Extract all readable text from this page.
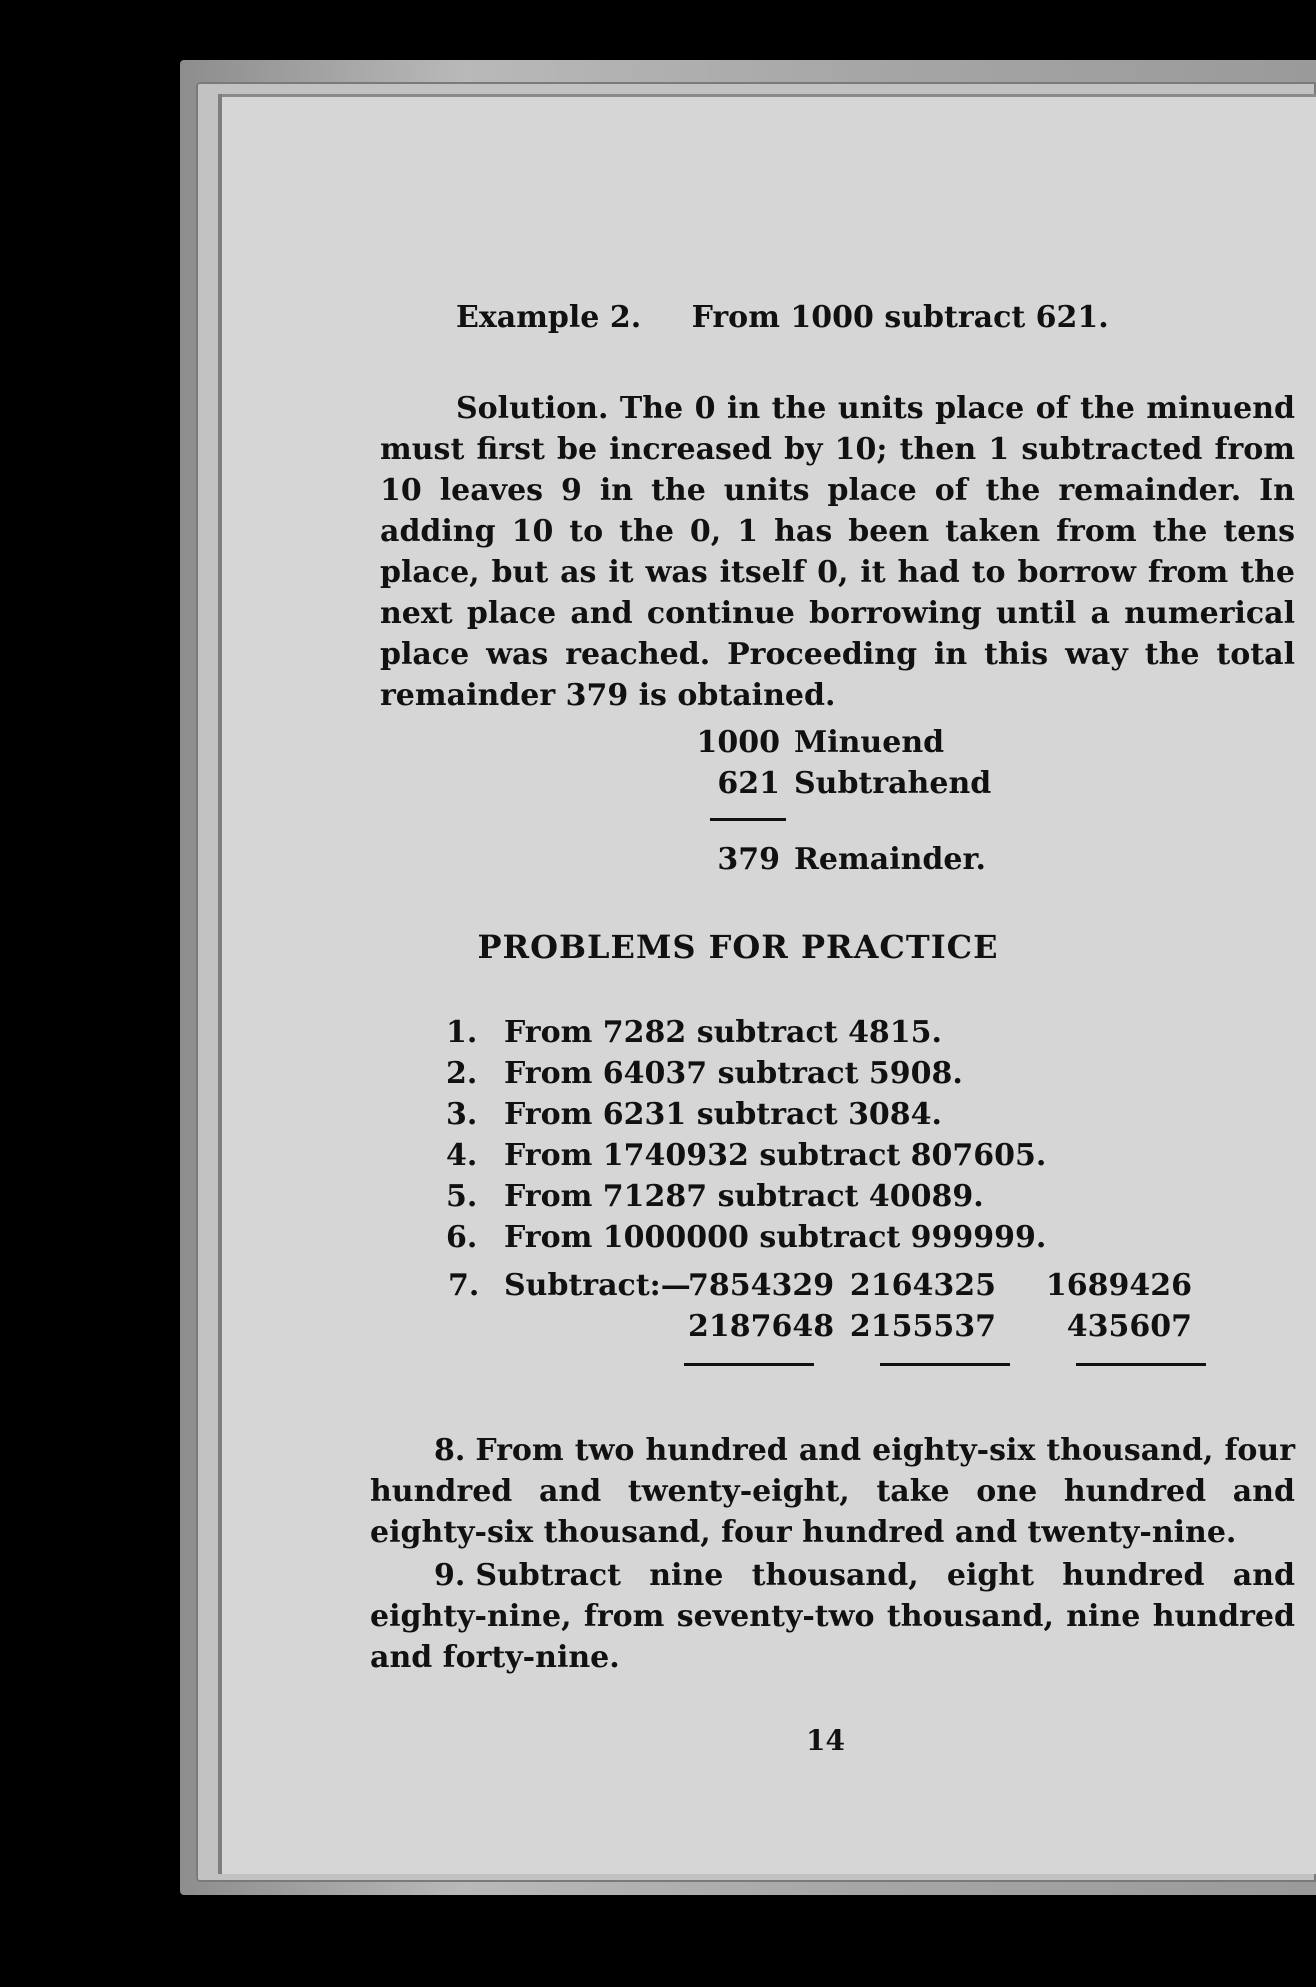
Example 2. From 1000 subtract 621.
Solution. The 0 in the units place of the minuend must first be increased by 10; then 1 subtracted from 10 leaves 9 in the units place of the remainder. In adding 10 to the 0, 1 has been taken from the tens place, but as it was itself 0, it had to borrow from the next place and continue borrowing until a numerical place was reached. Proceeding in this way the total remainder 379 is obtained.
1000 Minuend
621 Subtrahend
379 Remainder.
PROBLEMS FOR PRACTICE
1. From 7282 subtract 4815.
2. From 64037 subtract 5908.
3. From 6231 subtract 3084.
4. From 1740932 subtract 807605.
5. From 71287 subtract 40089.
6. From 1000000 subtract 999999.
7. Subtract:—
7854329 2164325	1689426
2187648 2155537	435607
8. From two hundred and eighty-six thousand, four hundred and twenty-eight, take one hundred and eighty-six thousand, four hundred and twenty-nine.
9. Subtract nine thousand, eight hundred and eighty-nine, from seventy-two thousand, nine hundred and forty-nine.
14
